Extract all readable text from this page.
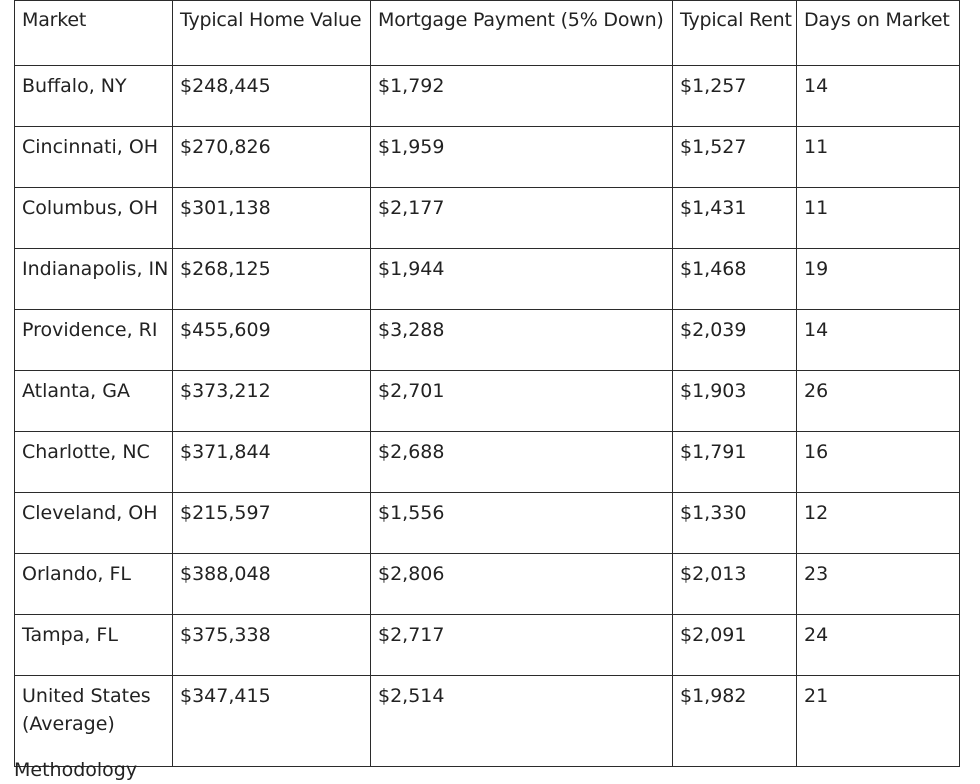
Market	Typical Home Value	Mortgage Payment (5% Down)	Typical Rent	Days on Market
Buffalo, NY	$248,445	$1,792	$1,257	14
Cincinnati, OH	$270,826	$1,959	$1,527	11
Columbus, OH	$301,138	$2,177	$1,431	11
Indianapolis, IN	$268,125	$1,944	$1,468	19
Providence, RI	$455,609	$3,288	$2,039	14
Atlanta, GA	$373,212	$2,701	$1,903	26
Charlotte, NC	$371,844	$2,688	$1,791	16
Cleveland, OH	$215,597	$1,556	$1,330	12
Orlando, FL	$388,048	$2,806	$2,013	23
Tampa, FL	$375,338	$2,717	$2,091	24
United States (Average)	$347,415	$2,514	$1,982	21
Methodology
